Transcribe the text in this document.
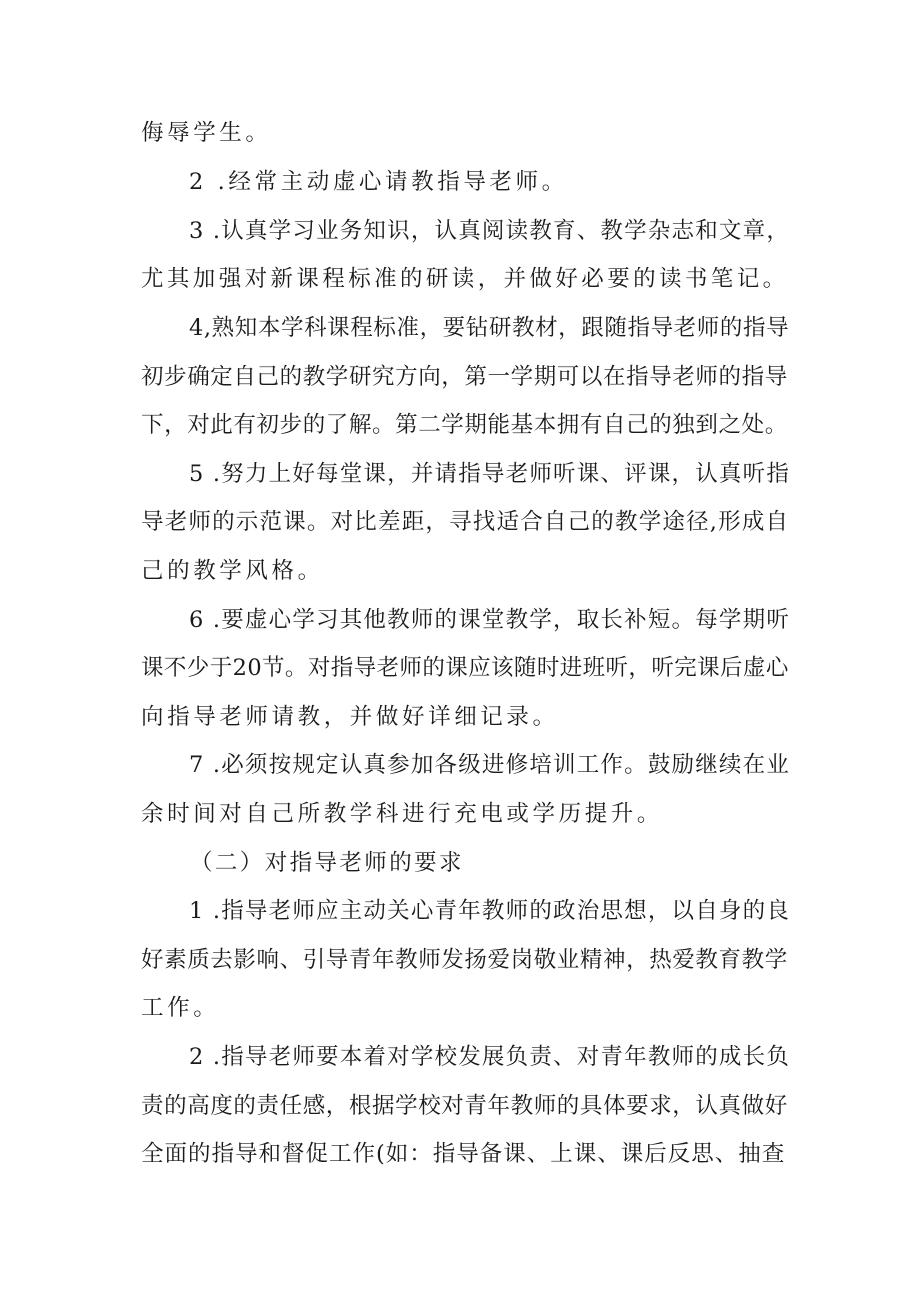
侮辱学生。
2 .经常主动虚心请教指导老师。
3 .认真学习业务知识，认真阅读教育、教学杂志和文章，
尤其加强对新课程标准的研读，并做好必要的读书笔记。
4,熟知本学科课程标准，要钻研教材，跟随指导老师的指导
初步确定自己的教学研究方向，第一学期可以在指导老师的指导
下，对此有初步的了解。第二学期能基本拥有自己的独到之处。
5 .努力上好每堂课，并请指导老师听课、评课，认真听指
导老师的示范课。对比差距，寻找适合自己的教学途径,形成自
己的教学风格。
6 .要虚心学习其他教师的课堂教学，取长补短。每学期听
课不少于20节。对指导老师的课应该随时进班听，听完课后虚心
向指导老师请教，并做好详细记录。
7 .必须按规定认真参加各级进修培训工作。鼓励继续在业
余时间对自己所教学科进行充电或学历提升。
（二）对指导老师的要求
1 .指导老师应主动关心青年教师的政治思想，以自身的良
好素质去影响、引导青年教师发扬爱岗敬业精神，热爱教育教学
工作。
2 .指导老师要本着对学校发展负责、对青年教师的成长负
责的高度的责任感，根据学校对青年教师的具体要求，认真做好
全面的指导和督促工作(如：指导备课、上课、课后反思、抽查
